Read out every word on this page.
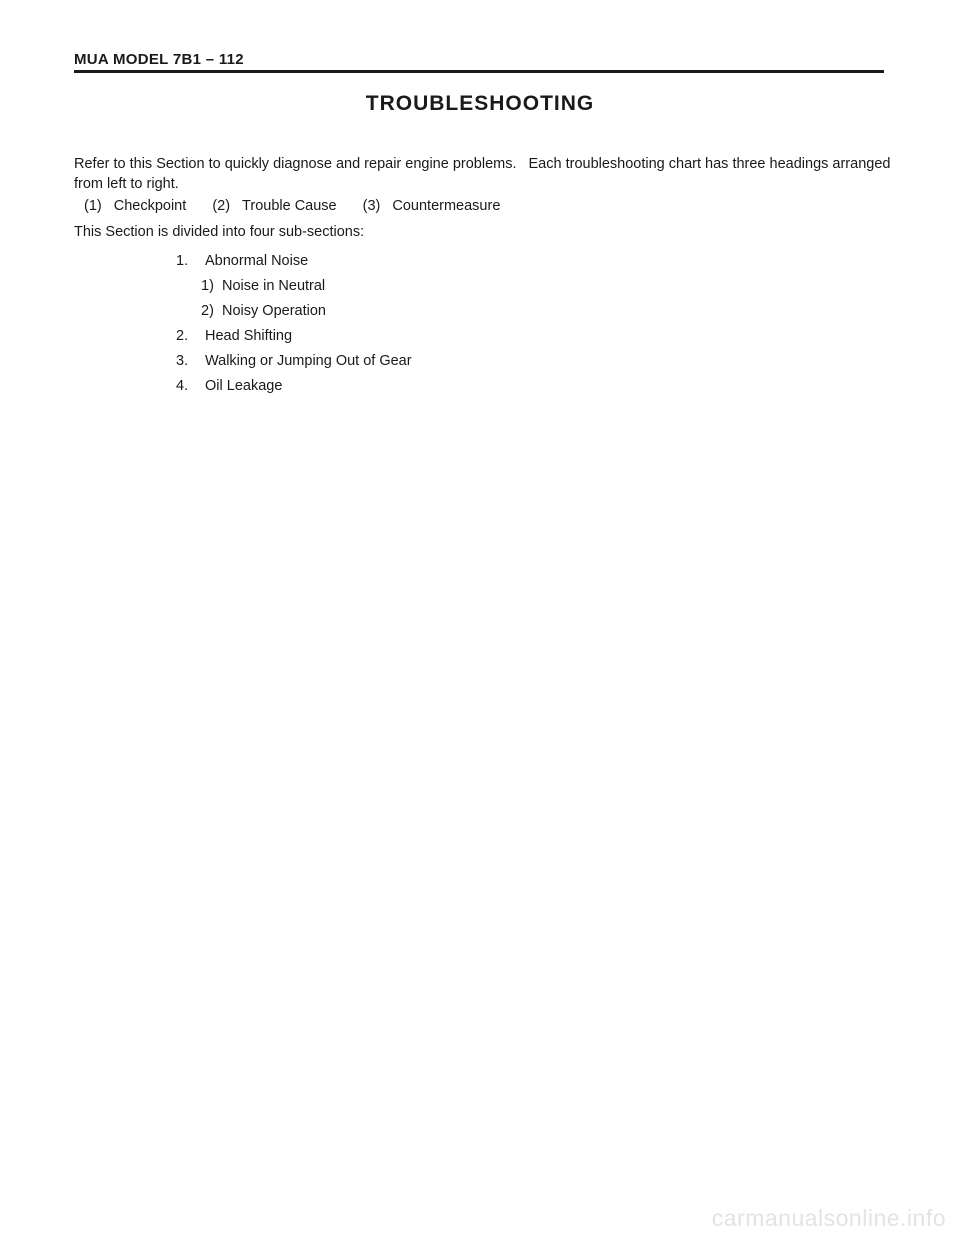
MUA MODEL 7B1 – 112
TROUBLESHOOTING
Refer to this Section to quickly diagnose and repair engine problems. Each troubleshooting chart has three headings arranged from left to right.
(1) Checkpoint (2) Trouble Cause (3) Countermeasure
This Section is divided into four sub-sections:
1. Abnormal Noise
1) Noise in Neutral
2) Noisy Operation
2. Head Shifting
3. Walking or Jumping Out of Gear
4. Oil Leakage
carmanualsonline.info
